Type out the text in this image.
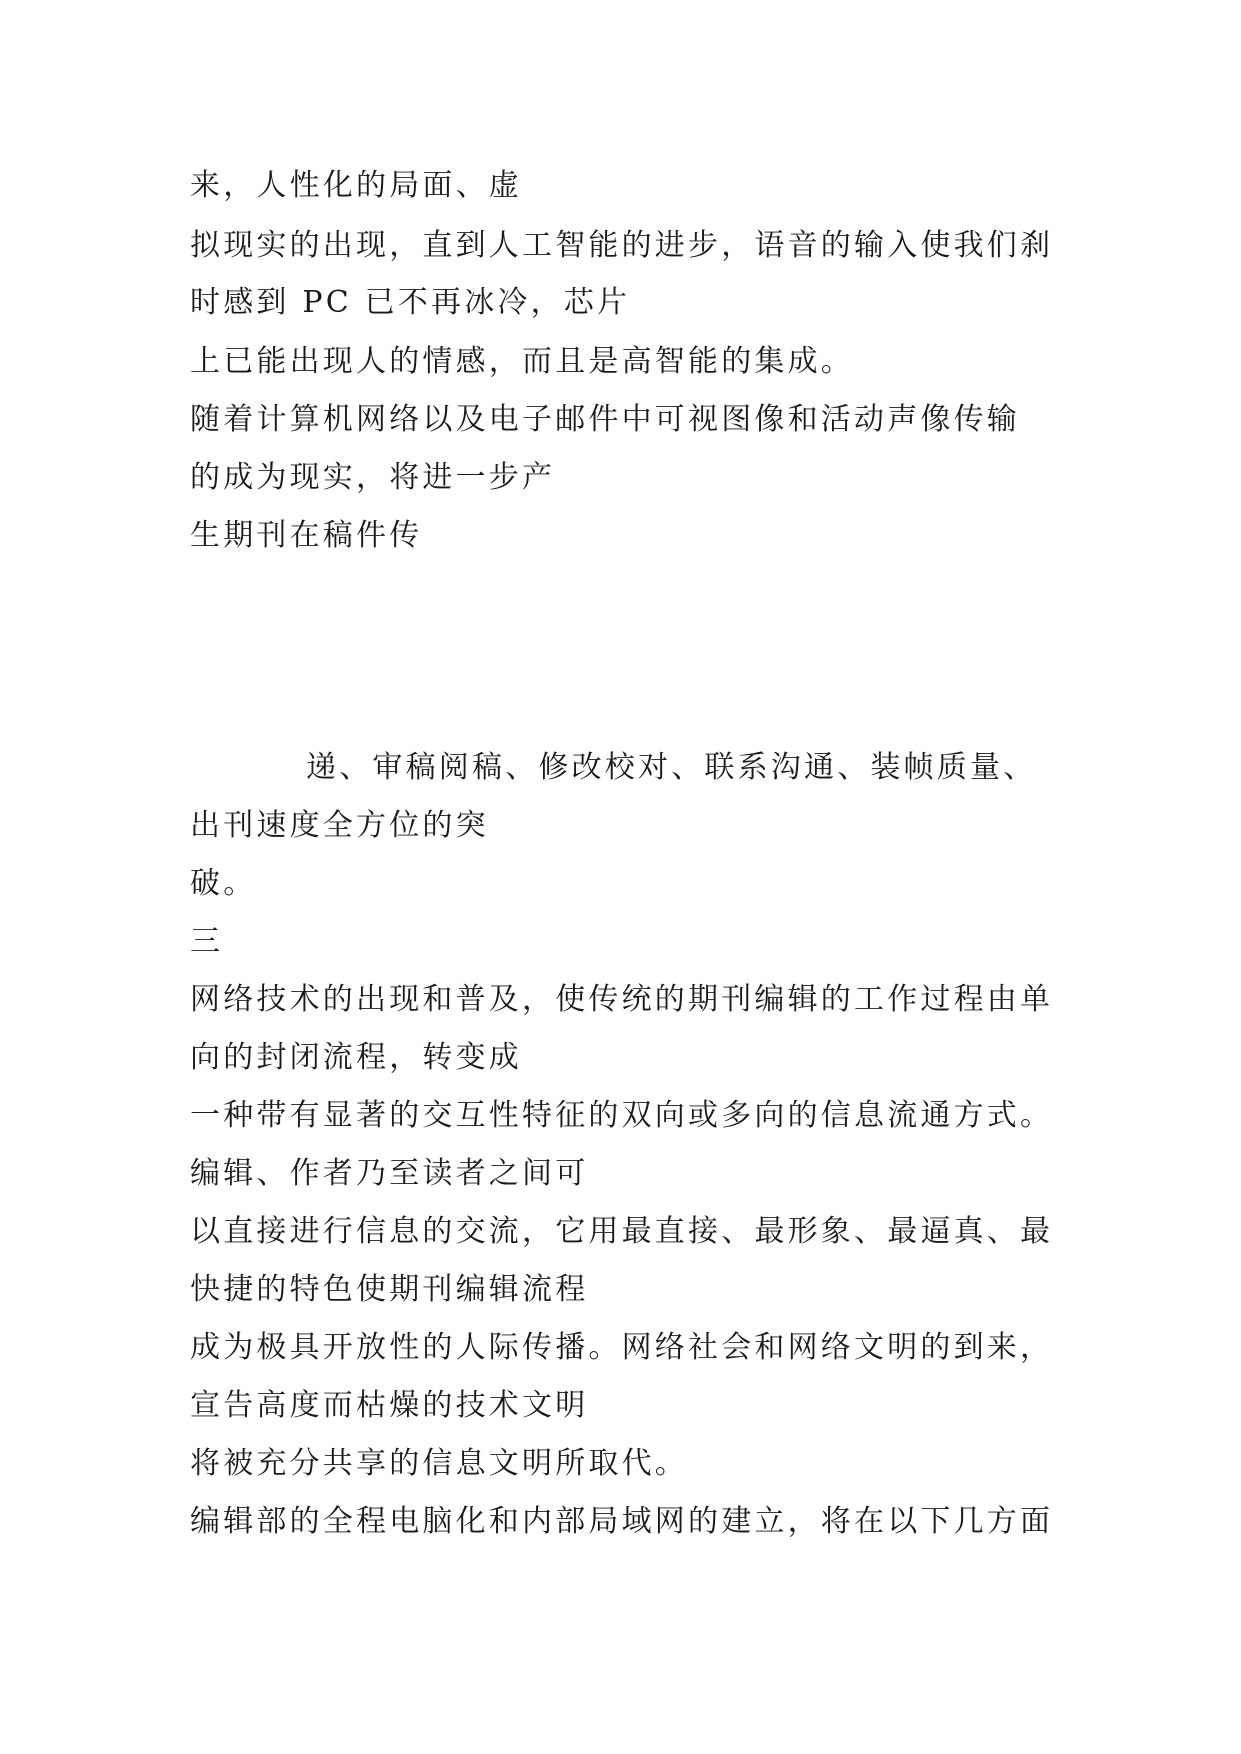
来，人性化的局面、虚

拟现实的出现，直到人工智能的进步，语音的输入使我们刹

时感到 PC 已不再冰冷，芯片

上已能出现人的情感，而且是高智能的集成。

随着计算机网络以及电子邮件中可视图像和活动声像传输

的成为现实，将进一步产

生期刊在稿件传

递、审稿阅稿、修改校对、联系沟通、装帧质量、

出刊速度全方位的突

破。

三

网络技术的出现和普及，使传统的期刊编辑的工作过程由单

向的封闭流程，转变成

一种带有显著的交互性特征的双向或多向的信息流通方式。

编辑、作者乃至读者之间可

以直接进行信息的交流，它用最直接、最形象、最逼真、最

快捷的特色使期刊编辑流程

成为极具开放性的人际传播。网络社会和网络文明的到来，

宣告高度而枯燥的技术文明

将被充分共享的信息文明所取代。

编辑部的全程电脑化和内部局域网的建立，将在以下几方面
